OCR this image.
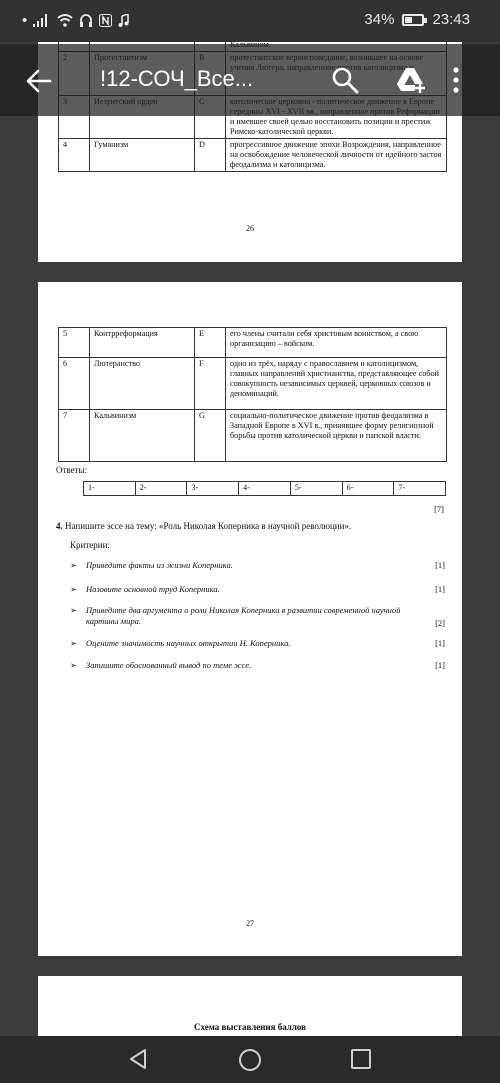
•	34%	23:43

			и имевшее своей целью восстановить позиции и престиж Римско-католической церкви.
4	Гуманизм	D	прогрессивное движение эпохи Возрождения, направленное на освобождение человеческой личности от идейного застоя феодализма и католицизма.
26
!12-СОЧ_Все...
5	Контрреформация	E	его члены считали себя христовым воинством, а свою организацию – войском.
6	Лютеранство	F	одно из трёх, наряду с православием и католицизмом, главных направлений христианства, представляющее собой совокупность независимых церквей, церковных союзов и деноминаций.
7	Кальвинизм	G	социально-политическое движение против феодализма в Западной Европе в XVI в., принявшее форму религиозной борьбы против католической церкви и папской власти.
Ответы:
1-	2-	3-	4-	5-	6-	7-
[7]
4. Напишите эссе на тему: «Роль Николая Коперника в научной революции».
Критерии:
➢ Приведите факты из жизни Коперника.	[1]
➢ Назовите основной труд Коперника.	[1]
➢ Приведите два аргумента о роли Николая Коперника в развитии современной научной картины мира.	[2]
➢ Оцените значимость научных открытии Н. Коперника.	[1]
➢ Запишите обоснованный вывод по теме эссе.	[1]
27
Схема выставления баллов
